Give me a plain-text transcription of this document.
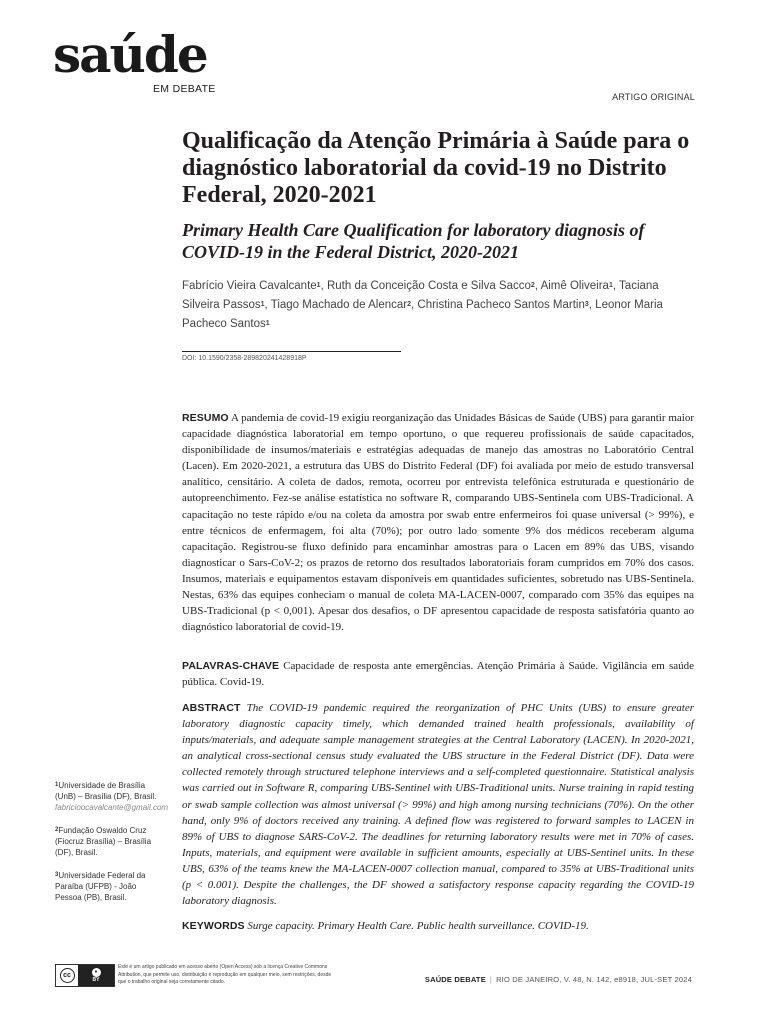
saúde
EM DEBATE
ARTIGO ORIGINAL
Qualificação da Atenção Primária à Saúde para o diagnóstico laboratorial da covid-19 no Distrito Federal, 2020-2021
Primary Health Care Qualification for laboratory diagnosis of COVID-19 in the Federal District, 2020-2021

Fabrício Vieira Cavalcante$^1$, Ruth da Conceição Costa e Silva Sacco$^2$, Aimê Oliveira$^1$, Taciana Silveira Passos$^1$, Tiago Machado de Alencar$^2$, Christina Pacheco Santos Martin$^3$, Leonor Maria Pacheco Santos$^1$

DOI: 10.1590/2358-289820241428918P

RESUMO A pandemia de covid-19 exigiu reorganização das Unidades Básicas de Saúde (UBS) para garantir maior capacidade diagnóstica laboratorial em tempo oportuno, o que requereu profissionais de saúde capacitados, disponibilidade de insumos/materiais e estratégias adequadas de manejo das amostras no Laboratório Central (Lacen). Em 2020-2021, a estrutura das UBS do Distrito Federal (DF) foi avaliada por meio de estudo transversal analítico, censitário. A coleta de dados, remota, ocorreu por entrevista telefônica estruturada e questionário de autopreenchimento. Fez-se análise estatística no software R, comparando UBS-Sentinela com UBS-Tradicional. A capacitação no teste rápido e/ou na coleta da amostra por swab entre enfermeiros foi quase universal (> 99%), e entre técnicos de enfermagem, foi alta (70%); por outro lado somente 9% dos médicos receberam alguma capacitação. Registrou-se fluxo definido para encaminhar amostras para o Lacen em 89% das UBS, visando diagnosticar o Sars-CoV-2; os prazos de retorno dos resultados laboratoriais foram cumpridos em 70% dos casos. Insumos, materiais e equipamentos estavam disponíveis em quantidades suficientes, sobretudo nas UBS-Sentinela. Nestas, 63% das equipes conheciam o manual de coleta MA-LACEN-0007, comparado com 35% das equipes na UBS-Tradicional (p < 0,001). Apesar dos desafios, o DF apresentou capacidade de resposta satisfatória quanto ao diagnóstico laboratorial de covid-19.

PALAVRAS-CHAVE Capacidade de resposta ante emergências. Atenção Primária à Saúde. Vigilância em saúde pública. Covid-19.

ABSTRACT The COVID-19 pandemic required the reorganization of PHC Units (UBS) to ensure greater laboratory diagnostic capacity timely, which demanded trained health professionals, availability of inputs/materials, and adequate sample management strategies at the Central Laboratory (LACEN). In 2020-2021, an analytical cross-sectional census study evaluated the UBS structure in the Federal District (DF). Data were collected remotely through structured telephone interviews and a self-completed questionnaire. Statistical analysis was carried out in Software R, comparing UBS-Sentinel with UBS-Traditional units. Nurse training in rapid testing or swab sample collection was almost universal (> 99%) and high among nursing technicians (70%). On the other hand, only 9% of doctors received any training. A defined flow was registered to forward samples to LACEN in 89% of UBS to diagnose SARS-CoV-2. The deadlines for returning laboratory results were met in 70% of cases. Inputs, materials, and equipment were available in sufficient amounts, especially at UBS-Sentinel units. In these UBS, 63% of the teams knew the MA-LACEN-0007 collection manual, compared to 35% at UBS-Traditional units (p < 0.001). Despite the challenges, the DF showed a satisfactory response capacity regarding the COVID-19 laboratory diagnosis.

KEYWORDS Surge capacity. Primary Health Care. Public health surveillance. COVID-19.

$^1$Universidade de Brasília (UnB) – Brasília (DF), Brasil.
fabricioocavalcante@gmail.com

$^2$Fundação Oswaldo Cruz (Fiocruz Brasília) – Brasília (DF), Brasil.

$^3$Universidade Federal da Paraíba (UFPB) - João Pessoa (PB), Brasil.

cc	•
BY
Este é um artigo publicado em acesso aberto (Open Access) sob a licença Creative Commons Attribution, que permite uso, distribuição e reprodução em qualquer meio, sem restrições, desde que o trabalho original seja corretamente citado.	SAÚDE DEBATE | RIO DE JANEIRO, V. 48, N. 142, e8918, JUL-SET 2024
